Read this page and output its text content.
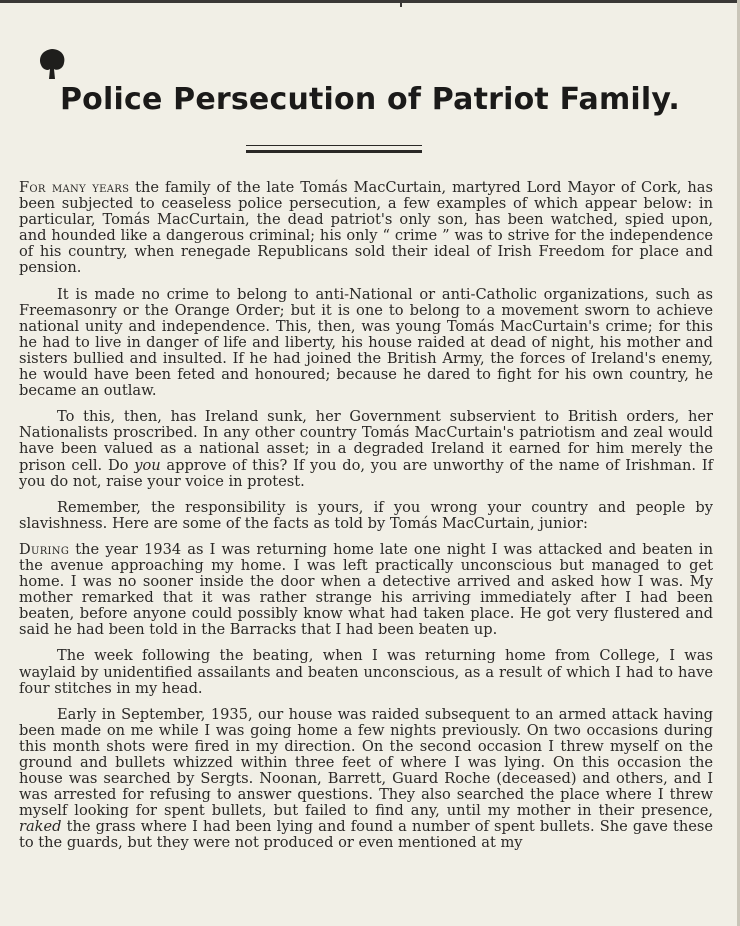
Police Persecution of Patriot Family.

For many years the family of the late Tomás MacCurtain, martyred Lord Mayor of Cork, has been subjected to ceaseless police persecution, a few examples of which appear below: in particular, Tomás MacCurtain, the dead patriot's only son, has been watched, spied upon, and hounded like a dangerous criminal; his only “ crime ” was to strive for the independence of his country, when renegade Republicans sold their ideal of Irish Freedom for place and pension.

It is made no crime to belong to anti-National or anti-Catholic organizations, such as Freemasonry or the Orange Order; but it is one to belong to a movement sworn to achieve national unity and independence. This, then, was young Tomás MacCurtain's crime; for this he had to live in danger of life and liberty, his house raided at dead of night, his mother and sisters bullied and insulted. If he had joined the British Army, the forces of Ireland's enemy, he would have been feted and honoured; because he dared to fight for his own country, he became an outlaw.

To this, then, has Ireland sunk, her Government subservient to British orders, her Nationalists proscribed. In any other country Tomás MacCurtain's patriotism and zeal would have been valued as a national asset; in a degraded Ireland it earned for him merely the prison cell. Do you approve of this? If you do, you are unworthy of the name of Irishman. If you do not, raise your voice in protest.

Remember, the responsibility is yours, if you wrong your country and people by slavishness. Here are some of the facts as told by Tomás MacCurtain, junior:

During the year 1934 as I was returning home late one night I was attacked and beaten in the avenue approaching my home. I was left practically unconscious but managed to get home. I was no sooner inside the door when a detective arrived and asked how I was. My mother remarked that it was rather strange his arriving immediately after I had been beaten, before anyone could possibly know what had taken place. He got very flustered and said he had been told in the Barracks that I had been beaten up.

The week following the beating, when I was returning home from College, I was waylaid by unidentified assailants and beaten unconscious, as a result of which I had to have four stitches in my head.

Early in September, 1935, our house was raided subsequent to an armed attack having been made on me while I was going home a few nights previously. On two occasions during this month shots were fired in my direction. On the second occasion I threw myself on the ground and bullets whizzed within three feet of where I was lying. On this occasion the house was searched by Sergts. Noonan, Barrett, Guard Roche (deceased) and others, and I was arrested for refusing to answer questions. They also searched the place where I threw myself looking for spent bullets, but failed to find any, until my mother in their presence, raked the grass where I had been lying and found a number of spent bullets. She gave these to the guards, but they were not produced or even mentioned at my
